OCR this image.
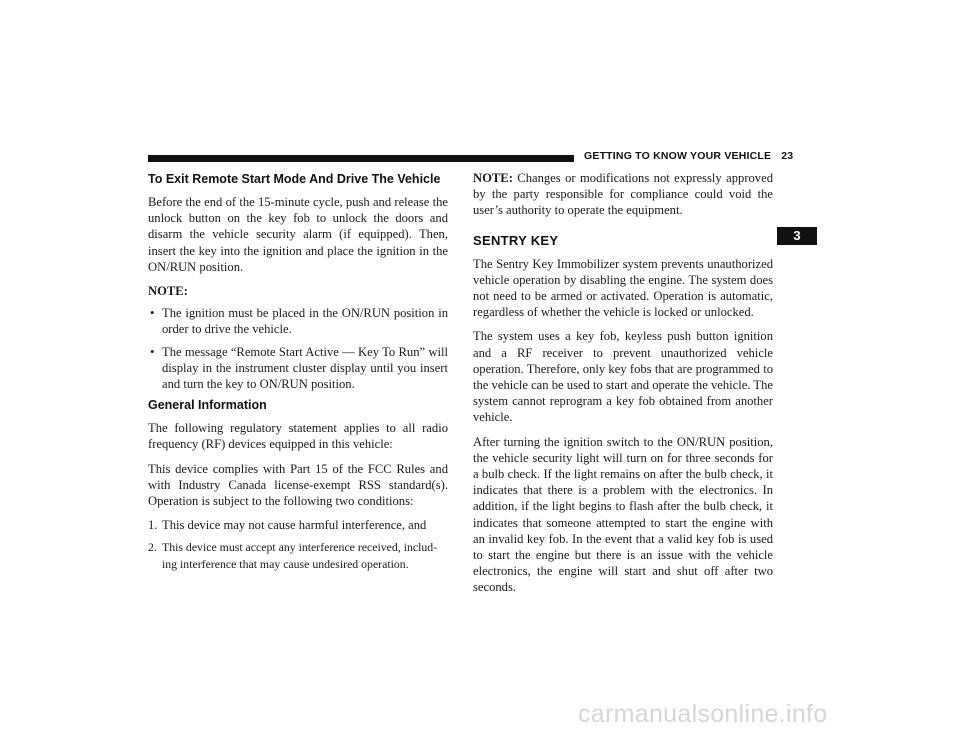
GETTING TO KNOW YOUR VEHICLE 23
3
To Exit Remote Start Mode And Drive The Vehicle

Before the end of the 15-minute cycle, push and release the unlock button on the key fob to unlock the doors and disarm the vehicle security alarm (if equipped). Then, insert the key into the ignition and place the ignition in the ON/RUN position.

NOTE:

• The ignition must be placed in the ON/RUN position in order to drive the vehicle.
• The message “Remote Start Active — Key To Run” will display in the instrument cluster display until you insert and turn the key to ON/RUN position.
General Information

The following regulatory statement applies to all radio frequency (RF) devices equipped in this vehicle:

This device complies with Part 15 of the FCC Rules and with Industry Canada license-exempt RSS standard(s). Operation is subject to the following two conditions:

1. This device may not cause harmful interference, and
2. This device must accept any interference received, includ-ing interference that may cause undesired operation.

NOTE: Changes or modifications not expressly approved by the party responsible for compliance could void the user’s authority to operate the equipment.

SENTRY KEY

The Sentry Key Immobilizer system prevents unauthorized vehicle operation by disabling the engine. The system does not need to be armed or activated. Operation is automatic, regardless of whether the vehicle is locked or unlocked.

The system uses a key fob, keyless push button ignition and a RF receiver to prevent unauthorized vehicle operation. Therefore, only key fobs that are programmed to the vehicle can be used to start and operate the vehicle. The system cannot reprogram a key fob obtained from another vehicle.

After turning the ignition switch to the ON/RUN position, the vehicle security light will turn on for three seconds for a bulb check. If the light remains on after the bulb check, it indicates that there is a problem with the electronics. In addition, if the light begins to flash after the bulb check, it indicates that someone attempted to start the engine with an invalid key fob. In the event that a valid key fob is used to start the engine but there is an issue with the vehicle electronics, the engine will start and shut off after two seconds.

carmanualsonline.info
